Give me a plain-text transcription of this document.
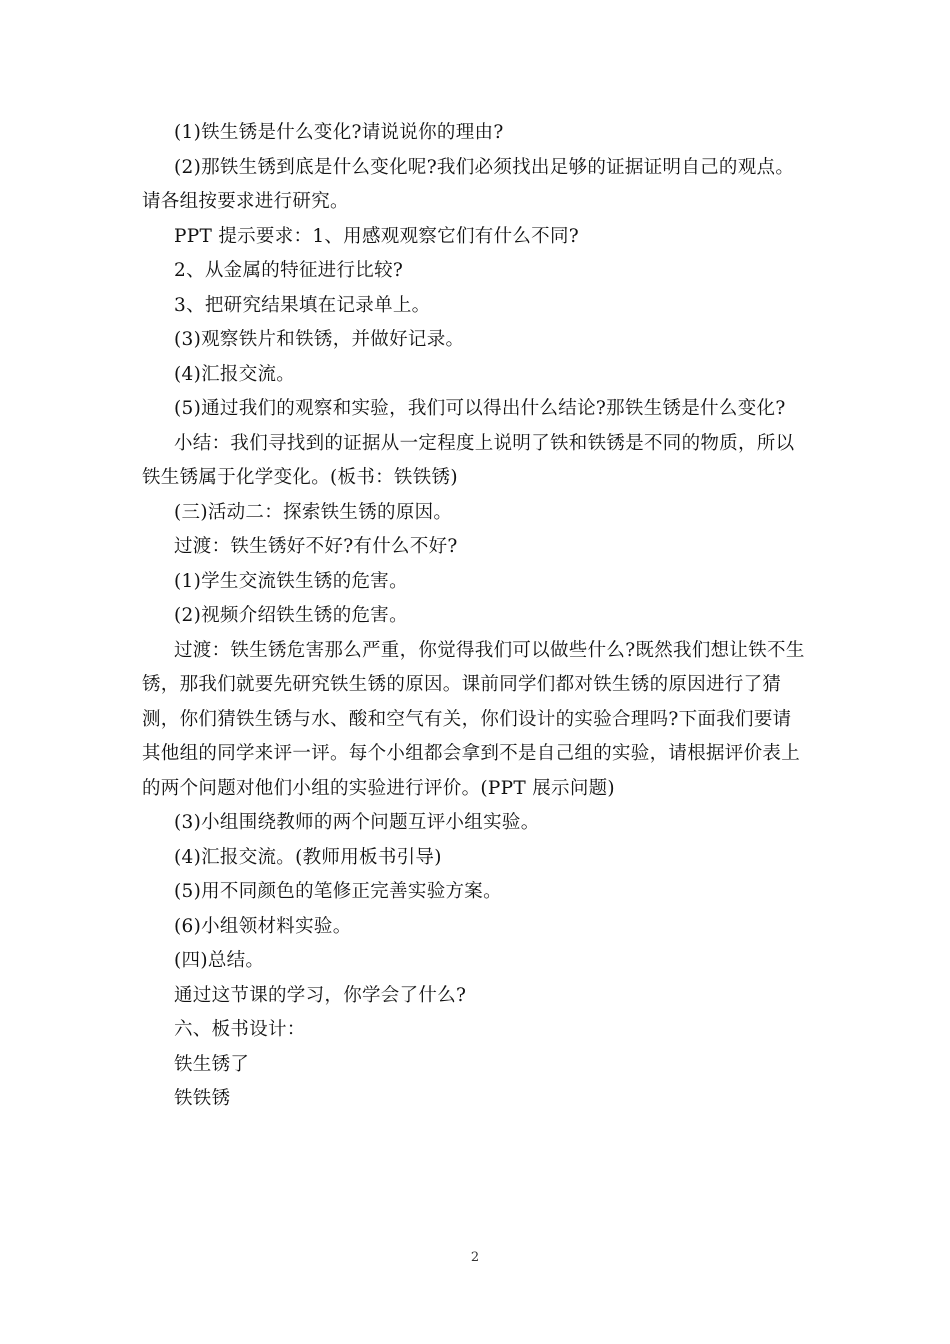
(1)铁生锈是什么变化?请说说你的理由?

(2)那铁生锈到底是什么变化呢?我们必须找出足够的证据证明自己的观点。请各组按要求进行研究。

PPT 提示要求：1、用感观观察它们有什么不同?

2、从金属的特征进行比较?

3、把研究结果填在记录单上。

(3)观察铁片和铁锈，并做好记录。

(4)汇报交流。

(5)通过我们的观察和实验，我们可以得出什么结论?那铁生锈是什么变化?

小结：我们寻找到的证据从一定程度上说明了铁和铁锈是不同的物质，所以铁生锈属于化学变化。(板书：铁铁锈)

(三)活动二：探索铁生锈的原因。

过渡：铁生锈好不好?有什么不好?

(1)学生交流铁生锈的危害。

(2)视频介绍铁生锈的危害。

过渡：铁生锈危害那么严重，你觉得我们可以做些什么?既然我们想让铁不生锈，那我们就要先研究铁生锈的原因。课前同学们都对铁生锈的原因进行了猜测，你们猜铁生锈与水、酸和空气有关，你们设计的实验合理吗?下面我们要请其他组的同学来评一评。每个小组都会拿到不是自己组的实验，请根据评价表上的两个问题对他们小组的实验进行评价。(PPT 展示问题)

(3)小组围绕教师的两个问题互评小组实验。

(4)汇报交流。(教师用板书引导)

(5)用不同颜色的笔修正完善实验方案。

(6)小组领材料实验。

(四)总结。

通过这节课的学习，你学会了什么?

六、板书设计：

铁生锈了

铁铁锈

2
